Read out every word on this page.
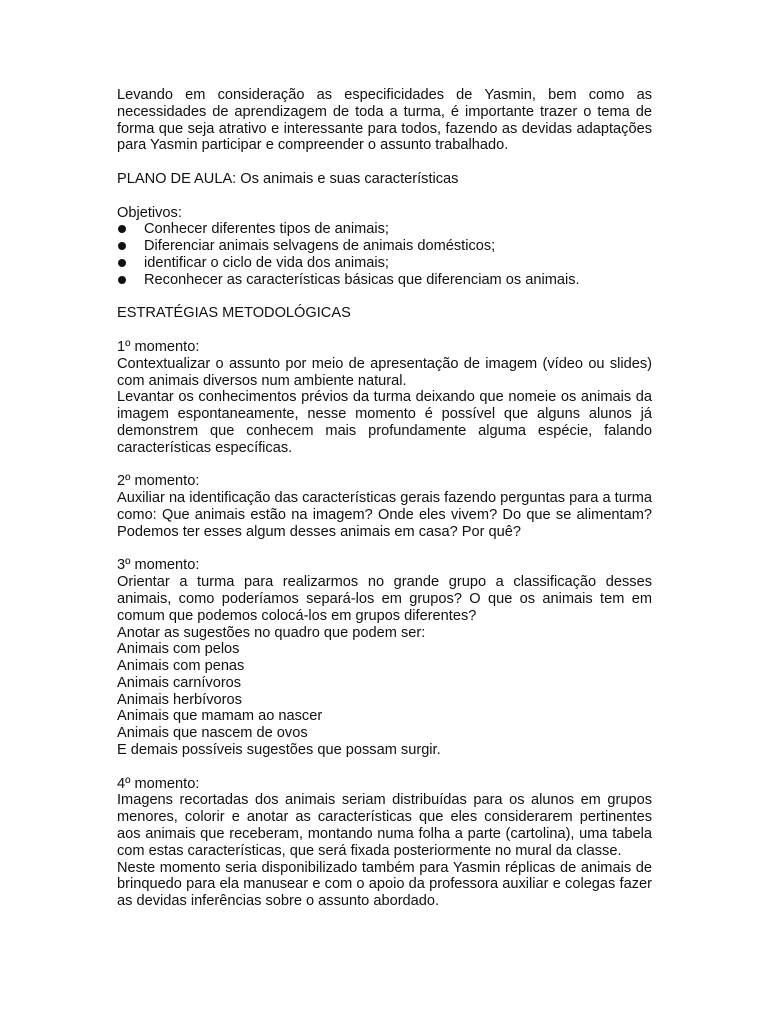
Levando em consideração as especificidades de Yasmin, bem como as necessidades de aprendizagem de toda a turma, é importante trazer o tema de forma que seja atrativo e interessante para todos, fazendo as devidas adaptações para Yasmin participar e compreender o assunto trabalhado.

PLANO DE AULA: Os animais e suas características

Objetivos:

Conhecer diferentes tipos de animais;
Diferenciar animais selvagens de animais domésticos;
identificar o ciclo de vida dos animais;
Reconhecer as características básicas que diferenciam os animais.

ESTRATÉGIAS METODOLÓGICAS

1º momento:

Contextualizar o assunto por meio de apresentação de imagem (vídeo ou slides) com animais diversos num ambiente natural.

Levantar os conhecimentos prévios da turma deixando que nomeie os animais da imagem espontaneamente, nesse momento é possível que alguns alunos já demonstrem que conhecem mais profundamente alguma espécie, falando características específicas.

2º momento:

Auxiliar na identificação das características gerais fazendo perguntas para a turma como: Que animais estão na imagem? Onde eles vivem? Do que se alimentam? Podemos ter esses algum desses animais em casa? Por quê?

3º momento:

Orientar a turma para realizarmos no grande grupo a classificação desses animais, como poderíamos separá-los em grupos? O que os animais tem em comum que podemos colocá-los em grupos diferentes?

Anotar as sugestões no quadro que podem ser:

Animais com pelos

Animais com penas

Animais carnívoros

Animais herbívoros

Animais que mamam ao nascer

Animais que nascem de ovos

E demais possíveis sugestões que possam surgir.

4º momento:

Imagens recortadas dos animais seriam distribuídas para os alunos em grupos menores, colorir e anotar as características que eles considerarem pertinentes aos animais que receberam, montando numa folha a parte (cartolina), uma tabela com estas características, que será fixada posteriormente no mural da classe.

Neste momento seria disponibilizado também para Yasmin réplicas de animais de brinquedo para ela manusear e com o apoio da professora auxiliar e colegas fazer as devidas inferências sobre o assunto abordado.
